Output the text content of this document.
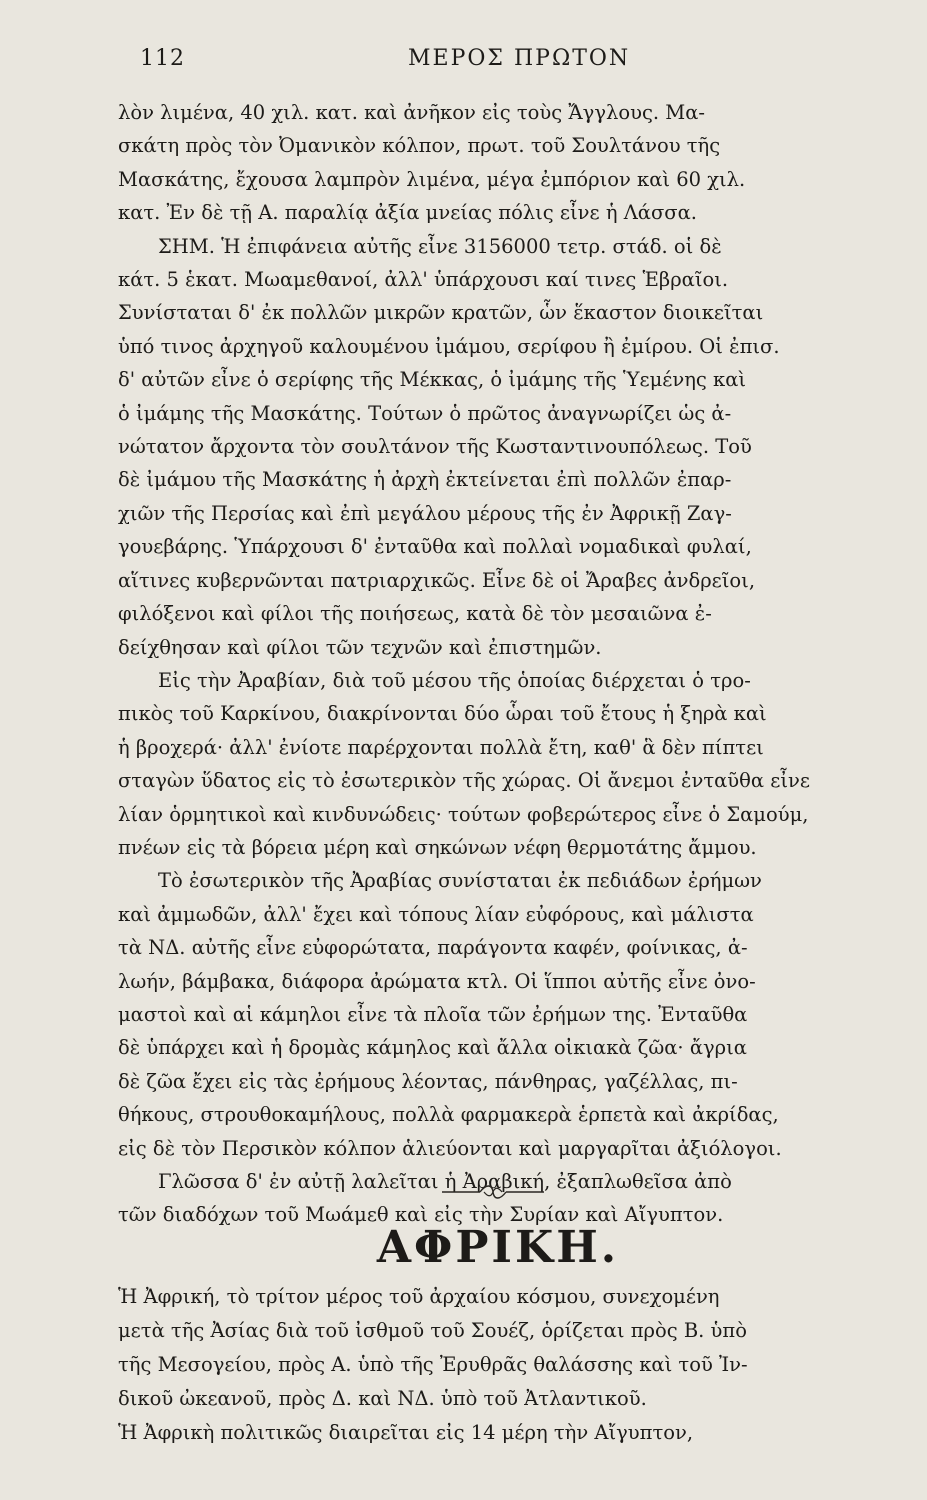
112	ΜΕΡΟΣ ΠΡΩΤΟΝ
λὸν λιμένα, 40 χιλ. κατ. καὶ ἀνῆκον εἰς τοὺς Ἄγγλους. Μα-
σκάτη πρὸς τὸν Ὀμανικὸν κόλπον, πρωτ. τοῦ Σουλτάνου τῆς
Μασκάτης, ἔχουσα λαμπρὸν λιμένα, μέγα ἐμπόριον καὶ 60 χιλ.
κατ. Ἐν δὲ τῇ Α. παραλίᾳ ἀξία μνείας πόλις εἶνε ἡ Λάσσα.
ΣΗΜ. Ἡ ἐπιφάνεια αὐτῆς εἶνε 3156000 τετρ. στάδ. οἱ δὲ
κάτ. 5 ἑκατ. Μωαμεθανοί, ἀλλ' ὑπάρχουσι καί τινες Ἑβραῖοι.
Συνίσταται δ' ἐκ πολλῶν μικρῶν κρατῶν, ὧν ἕκαστον διοικεῖται
ὑπό τινος ἀρχηγοῦ καλουμένου ἰμάμου, σερίφου ἢ ἐμίρου. Οἱ ἐπισ.
δ' αὐτῶν εἶνε ὁ σερίφης τῆς Μέκκας, ὁ ἰμάμης τῆς Ὑεμένης καὶ
ὁ ἰμάμης τῆς Μασκάτης. Τούτων ὁ πρῶτος ἀναγνωρίζει ὡς ἀ-
νώτατον ἄρχοντα τὸν σουλτάνον τῆς Κωσταντινουπόλεως. Τοῦ
δὲ ἰμάμου τῆς Μασκάτης ἡ ἀρχὴ ἐκτείνεται ἐπὶ πολλῶν ἐπαρ-
χιῶν τῆς Περσίας καὶ ἐπὶ μεγάλου μέρους τῆς ἐν Ἀφρικῇ Ζαγ-
γουεβάρης. Ὑπάρχουσι δ' ἐνταῦθα καὶ πολλαὶ νομαδικαὶ φυλαί,
αἵτινες κυβερνῶνται πατριαρχικῶς. Εἶνε δὲ οἱ Ἄραβες ἀνδρεῖοι,
φιλόξενοι καὶ φίλοι τῆς ποιήσεως, κατὰ δὲ τὸν μεσαιῶνα ἐ-
δείχθησαν καὶ φίλοι τῶν τεχνῶν καὶ ἐπιστημῶν.
Εἰς τὴν Ἀραβίαν, διὰ τοῦ μέσου τῆς ὁποίας διέρχεται ὁ τρο-
πικὸς τοῦ Καρκίνου, διακρίνονται δύο ὧραι τοῦ ἔτους ἡ ξηρὰ καὶ
ἡ βροχερά· ἀλλ' ἐνίοτε παρέρχονται πολλὰ ἔτη, καθ' ἃ δὲν πίπτει
σταγὼν ὕδατος εἰς τὸ ἐσωτερικὸν τῆς χώρας. Οἱ ἄνεμοι ἐνταῦθα εἶνε
λίαν ὁρμητικοὶ καὶ κινδυνώδεις· τούτων φοβερώτερος εἶνε ὁ Σαμούμ,
πνέων εἰς τὰ βόρεια μέρη καὶ σηκώνων νέφη θερμοτάτης ἄμμου.
Τὸ ἐσωτερικὸν τῆς Ἀραβίας συνίσταται ἐκ πεδιάδων ἐρήμων
καὶ ἀμμωδῶν, ἀλλ' ἔχει καὶ τόπους λίαν εὐφόρους, καὶ μάλιστα
τὰ ΝΔ. αὐτῆς εἶνε εὐφορώτατα, παράγοντα καφέν, φοίνικας, ἀ-
λωήν, βάμβακα, διάφορα ἀρώματα κτλ. Οἱ ἵπποι αὐτῆς εἶνε ὀνο-
μαστοὶ καὶ αἱ κάμηλοι εἶνε τὰ πλοῖα τῶν ἐρήμων της. Ἐνταῦθα
δὲ ὑπάρχει καὶ ἡ δρομὰς κάμηλος καὶ ἄλλα οἰκιακὰ ζῶα· ἄγρια
δὲ ζῶα ἔχει εἰς τὰς ἐρήμους λέοντας, πάνθηρας, γαζέλλας, πι-
θήκους, στρουθοκαμήλους, πολλὰ φαρμακερὰ ἑρπετὰ καὶ ἀκρίδας,
εἰς δὲ τὸν Περσικὸν κόλπον ἁλιεύονται καὶ μαργαρῖται ἀξιόλογοι.
Γλῶσσα δ' ἐν αὐτῇ λαλεῖται ἡ Ἀραβική, ἐξαπλωθεῖσα ἀπὸ
τῶν διαδόχων τοῦ Μωάμεθ καὶ εἰς τὴν Συρίαν καὶ Αἴγυπτον.
ΑΦΡΙΚΗ.
Ἡ Ἀφρική, τὸ τρίτον μέρος τοῦ ἀρχαίου κόσμου, συνεχομένη
μετὰ τῆς Ἀσίας διὰ τοῦ ἰσθμοῦ τοῦ Σουέζ, ὁρίζεται πρὸς Β. ὑπὸ
τῆς Μεσογείου, πρὸς Α. ὑπὸ τῆς Ἐρυθρᾶς θαλάσσης καὶ τοῦ Ἰν-
δικοῦ ὠκεανοῦ, πρὸς Δ. καὶ ΝΔ. ὑπὸ τοῦ Ἀτλαντικοῦ.
Ἡ Ἀφρικὴ πολιτικῶς διαιρεῖται εἰς 14 μέρη τὴν Αἴγυπτον,
